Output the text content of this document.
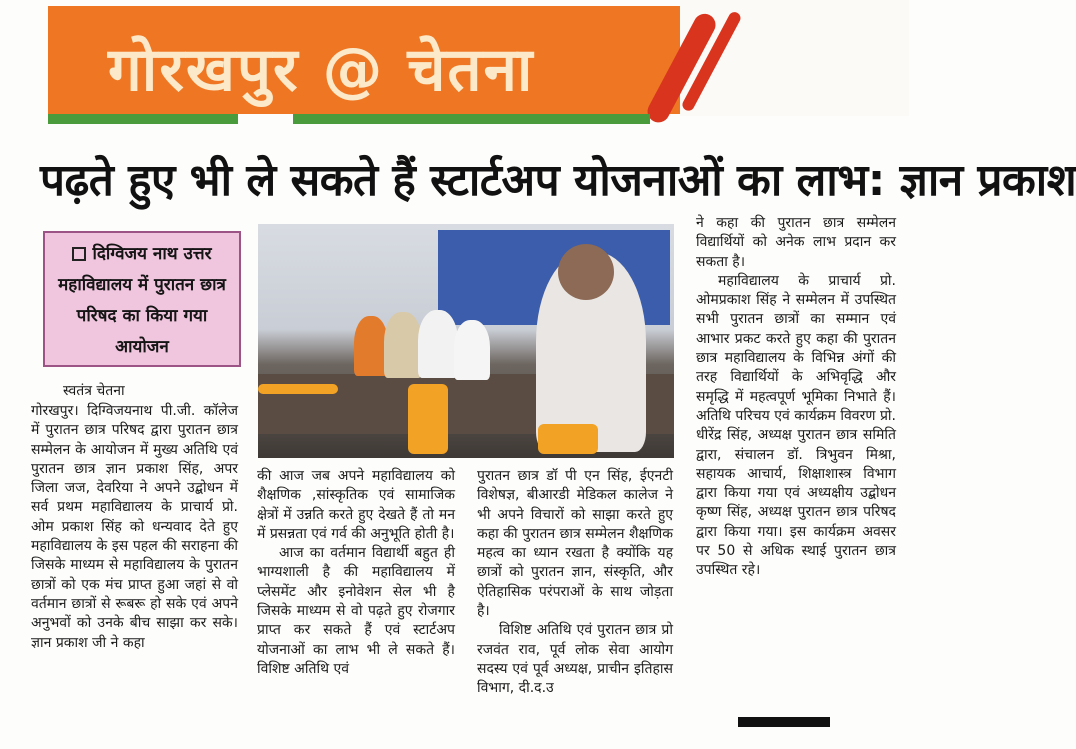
गोरखपुर @ चेतना
पढ़ते हुए भी ले सकते हैं स्टार्टअप योजनाओं का लाभ: ज्ञान प्रकाश
दिग्विजय नाथ उत्तर महाविद्यालय में पुरातन छात्र परिषद का किया गया आयोजन
स्वतंत्र चेतना

गोरखपुर। दिग्विजयनाथ पी.जी. कॉलेज में पुरातन छात्र परिषद द्वारा पुरातन छात्र सम्मेलन के आयोजन में मुख्य अतिथि एवं पुरातन छात्र ज्ञान प्रकाश सिंह, अपर जिला जज, देवरिया ने अपने उद्बोधन में सर्व प्रथम महाविद्यालय के प्राचार्य प्रो. ओम प्रकाश सिंह को धन्यवाद देते हुए महाविद्यालय के इस पहल की सराहना की जिसके माध्यम से महाविद्यालय के पुरातन छात्रों को एक मंच प्राप्त हुआ जहां से वो वर्तमान छात्रों से रूबरू हो सके एवं अपने अनुभवों को उनके बीच साझा कर सके। ज्ञान प्रकाश जी ने कहा

की आज जब अपने महाविद्यालय को शैक्षणिक ,सांस्कृतिक एवं सामाजिक क्षेत्रों में उन्नति करते हुए देखते हैं तो मन में प्रसन्नता एवं गर्व की अनुभूति होती है।

आज का वर्तमान विद्यार्थी बहुत ही भाग्यशाली है की महाविद्यालय में प्लेसमेंट और इनोवेशन सेल भी है जिसके माध्यम से वो पढ़ते हुए रोजगार प्राप्त कर सकते हैं एवं स्टार्टअप योजनाओं का लाभ भी ले सकते हैं। विशिष्ट अतिथि एवं

पुरातन छात्र डॉ पी एन सिंह, ईएनटी विशेषज्ञ, बीआरडी मेडिकल कालेज ने भी अपने विचारों को साझा करते हुए कहा की पुरातन छात्र सम्मेलन शैक्षणिक महत्व का ध्यान रखता है क्योंकि यह छात्रों को पुरातन ज्ञान, संस्कृति, और ऐतिहासिक परंपराओं के साथ जोड़ता है।

विशिष्ट अतिथि एवं पुरातन छात्र प्रो रजवंत राव, पूर्व लोक सेवा आयोग सदस्य एवं पूर्व अध्यक्ष, प्राचीन इतिहास विभाग, दी.द.उ

ने कहा की पुरातन छात्र सम्मेलन विद्यार्थियों को अनेक लाभ प्रदान कर सकता है।

महाविद्यालय के प्राचार्य प्रो. ओमप्रकाश सिंह ने सम्मेलन में उपस्थित सभी पुरातन छात्रों का सम्मान एवं आभार प्रकट करते हुए कहा की पुरातन छात्र महाविद्यालय के विभिन्न अंगों की तरह विद्यार्थियों के अभिवृद्धि और समृद्धि में महत्वपूर्ण भूमिका निभाते हैं।अतिथि परिचय एवं कार्यक्रम विवरण प्रो. धीरेंद्र सिंह, अध्यक्ष पुरातन छात्र समिति द्वारा, संचालन डॉ. त्रिभुवन मिश्रा, सहायक आचार्य, शिक्षाशास्त्र विभाग द्वारा किया गया एवं अध्यक्षीय उद्बोधन कृष्ण सिंह, अध्यक्ष पुरातन छात्र परिषद द्वारा किया गया। इस कार्यक्रम अवसर पर 50 से अधिक स्थाई पुरातन छात्र उपस्थित रहे।
